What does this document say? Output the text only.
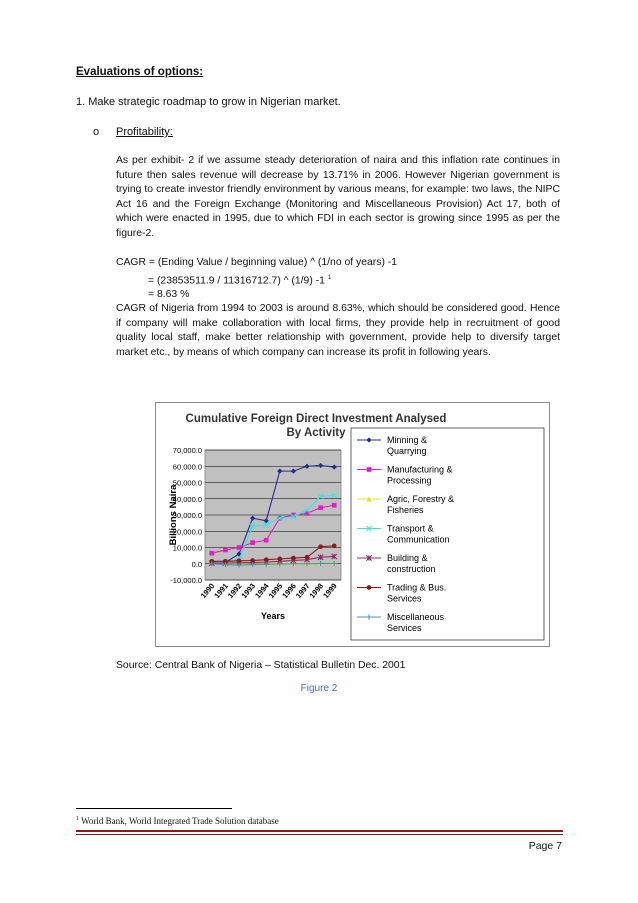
Evaluations of options:
1. Make strategic roadmap to grow in Nigerian market.
o Profitability:
As per exhibit- 2 if we assume steady deterioration of naira and this inflation rate continues in future then sales revenue will decrease by 13.71% in 2006. However Nigerian government is trying to create investor friendly environment by various means, for example: two laws, the NIPC Act 16 and the Foreign Exchange (Monitoring and Miscellaneous Provision) Act 17, both of which were enacted in 1995, due to which FDI in each sector is growing since 1995 as per the figure-2.
CAGR = (Ending Value / beginning value) ^ (1/no of years) -1
= (23853511.9 / 11316712.7) ^ (1/9) -1 $^1$
= 8.63 %
CAGR of Nigeria from 1994 to 2003 is around 8.63%, which should be considered good. Hence if company will make collaboration with local firms, they provide help in recruitment of good quality local staff, make better relationship with government, provide help to diversify target market etc., by means of which company can increase its profit in following years.
Cumulative Foreign Direct Investment Analysed
By Activity
70,000.0
60,000.0
50,000.0
40,000.0
30,000.0
20,000.0
10,000.0
0.0
-10,000.0
1990
1991
1992
1993
1994
1995
1996
1997
1998
1999
Years
Billions Naira
Minning &
Quarrying
Manufacturing &
Processing
Agric, Forestry &
Fisheries
Transport &
Communication
Building &
construction
Trading & Bus.
Services
Miscellaneous
Services
Source: Central Bank of Nigeria – Statistical Bulletin Dec. 2001
Figure 2
$^1$ World Bank, World Integrated Trade Solution database
Page 7
